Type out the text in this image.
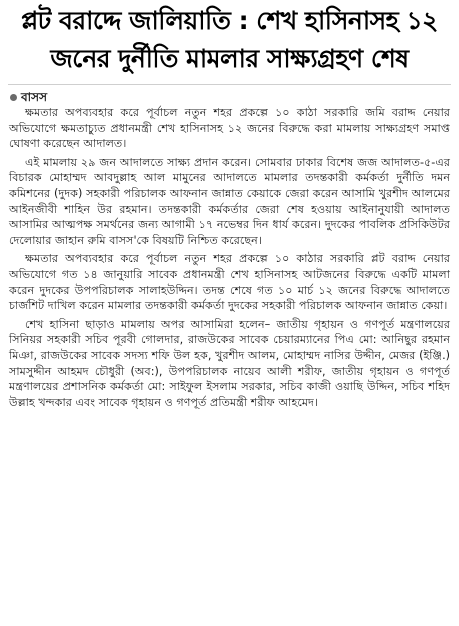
প্লট বরাদ্দে জালিয়াতি : শেখ হাসিনাসহ ১২
জনের দুর্নীতি মামলার সাক্ষ্যগ্রহণ শেষ
বাসস

ক্ষমতার অপব্যবহার করে পূর্বাচল নতুন শহর প্রকল্পে ১০ কাঠা সরকারি জমি বরাদ্দ নেয়ার অভিযোগে ক্ষমতাচ্যুত প্রধানমন্ত্রী শেখ হাসিনাসহ ১২ জনের বিরুদ্ধে করা মামলায় সাক্ষ্যগ্রহণ সমাপ্ত ঘোষণা করেছেন আদালত।

এই মামলায় ২৯ জন আদালতে সাক্ষ্য প্রদান করেন। সোমবার ঢাকার বিশেষ জজ আদালত-৫-এর বিচারক মোহাম্মদ আবদুল্লাহ আল মামুনের আদালতে মামলার তদন্তকারী কর্মকর্তা দুর্নীতি দমন কমিশনের (দুদক) সহকারী পরিচালক আফনান জান্নাত কেয়াকে জেরা করেন আসামি খুরশীদ আলমের আইনজীবী শাহিন উর রহমান। তদন্তকারী কর্মকর্তার জেরা শেষ হওয়ায় আইনানুযায়ী আদালত আসামির আত্মপক্ষ সমর্থনের জন্য আগামী ১৭ নভেম্বর দিন ধার্য করেন। দুদকের পাবলিক প্রসিকিউটর দেলোয়ার জাহান রুমি বাসস'কে বিষয়টি নিশ্চিত করেছেন।

ক্ষমতার অপব্যবহার করে পূর্বাচল নতুন শহর প্রকল্পে ১০ কাঠার সরকারি প্লট বরাদ্দ নেয়ার অভিযোগে গত ১৪ জানুয়ারি সাবেক প্রধানমন্ত্রী শেখ হাসিনাসহ আটজনের বিরুদ্ধে একটি মামলা করেন দুদকের উপপরিচালক সালাহউদ্দিন। তদন্ত শেষে গত ১০ মার্চ ১২ জনের বিরুদ্ধে আদালতে চার্জশিট দাখিল করেন মামলার তদন্তকারী কর্মকর্তা দুদকের সহকারী পরিচালক আফনান জান্নাত কেয়া।

শেখ হাসিনা ছাড়াও মামলায় অপর আসামিরা হলেন– জাতীয় গৃহায়ন ও গণপূর্ত মন্ত্রণালয়ের সিনিয়র সহকারী সচিব পূরবী গোলদার, রাজউকের সাবেক চেয়ারম্যানের পিএ মো: আনিছুর রহমান মিঞা, রাজউকের সাবেক সদস্য শফি উল হক, খুরশীদ আলম, মোহাম্মদ নাসির উদ্দীন, মেজর (ইঞ্জি.) সামসুদ্দীন আহমদ চৌধুরী (অব:), উপপরিচালক নায়েব আলী শরীফ, জাতীয় গৃহায়ন ও গণপূর্ত মন্ত্রণালয়ের প্রশাসনিক কর্মকর্তা মো: সাইফুল ইসলাম সরকার, সচিব কাজী ওয়াছি উদ্দিন, সচিব শহিদ উল্লাহ খন্দকার এবং সাবেক গৃহায়ন ও গণপূর্ত প্রতিমন্ত্রী শরীফ আহমেদ।
